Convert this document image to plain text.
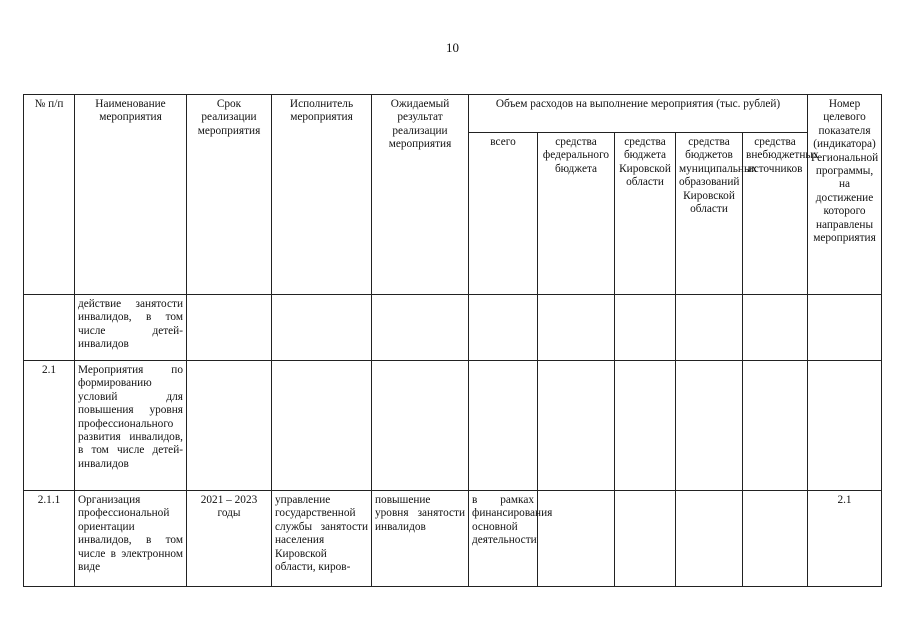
10
№ п/п	Наименование мероприятия	Срок реализации мероприятия	Исполнитель мероприятия	Ожидаемый результат реализации мероприятия	Объем расходов на выполнение мероприятия (тыс. рублей)					Номер целевого показателя (индикатора) Региональной программы, на достижение которого направлены мероприятия
					всего	средства федерального бюджета	средства бюджета Кировской области	средства бюджетов муниципальных образований Кировской области	средства внебюджетных источников	
	действие занятости инвалидов, в том числе детей-инвалидов									
2.1	Мероприятия по формированию условий для повышения уровня профессионального развития инвалидов, в том числе детей-инвалидов									
2.1.1	Организация профессиональной ориентации инвалидов, в том числе в электронном виде	2021 – 2023 годы	управление государственной службы занятости населения Кировской области, киров-	повышение уровня занятости инвалидов	в рамках финансирования основной деятельности					2.1
